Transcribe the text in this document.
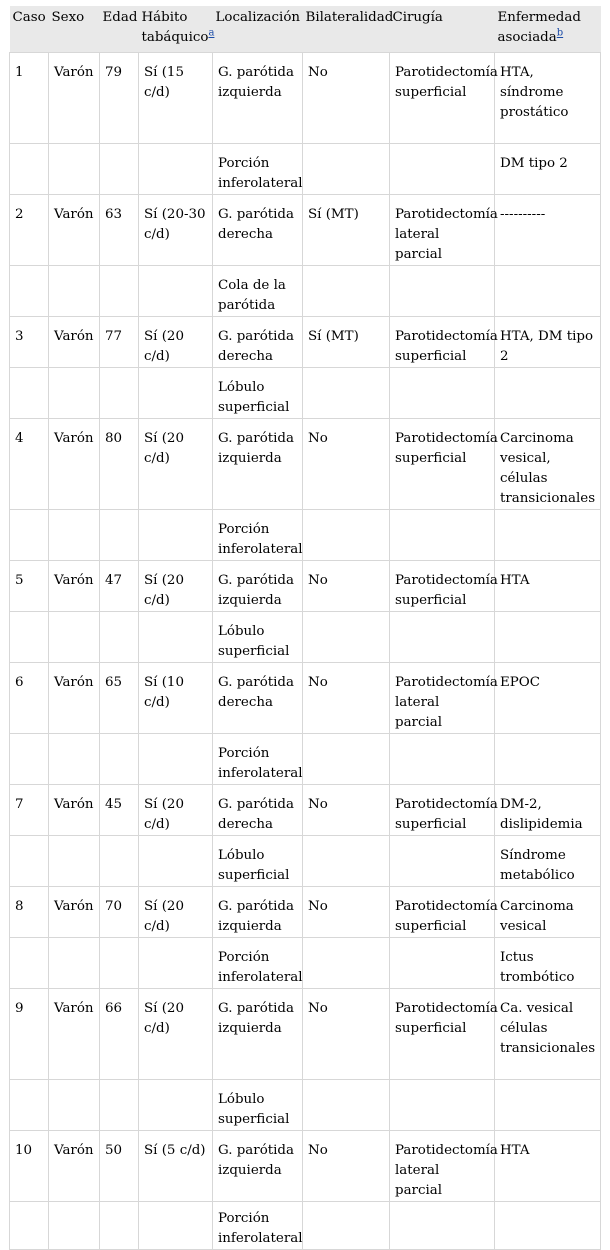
Caso	Sexo	Edad	Hábito tabáquico$^a$	Localización	Bilateralidad	Cirugía	Enfermedad asociada$^b$
1	Varón	79	Sí (15 c/d)	G. parótida izquierda	No	Parotidectomía superficial	HTA, síndrome prostático
				Porción inferolateral			DM tipo 2
2	Varón	63	Sí (20-30 c/d)	G. parótida derecha	Sí (MT)	Parotidectomía lateral parcial	----------
				Cola de la parótida			
3	Varón	77	Sí (20 c/d)	G. parótida derecha	Sí (MT)	Parotidectomía superficial	HTA, DM tipo 2
				Lóbulo superficial			
4	Varón	80	Sí (20 c/d)	G. parótida izquierda	No	Parotidectomía superficial	Carcinoma vesical, células transicionales
				Porción inferolateral			
5	Varón	47	Sí (20 c/d)	G. parótida izquierda	No	Parotidectomía superficial	HTA
				Lóbulo superficial			
6	Varón	65	Sí (10 c/d)	G. parótida derecha	No	Parotidectomía lateral parcial	EPOC
				Porción inferolateral			
7	Varón	45	Sí (20 c/d)	G. parótida derecha	No	Parotidectomía superficial	DM-2, dislipidemia
				Lóbulo superficial			Síndrome metabólico
8	Varón	70	Sí (20 c/d)	G. parótida izquierda	No	Parotidectomía superficial	Carcinoma vesical
				Porción inferolateral			Ictus trombótico
9	Varón	66	Sí (20 c/d)	G. parótida izquierda	No	Parotidectomía superficial	Ca. vesical células transicionales
				Lóbulo superficial			
10	Varón	50	Sí (5 c/d)	G. parótida izquierda	No	Parotidectomía lateral parcial	HTA
				Porción inferolateral			
